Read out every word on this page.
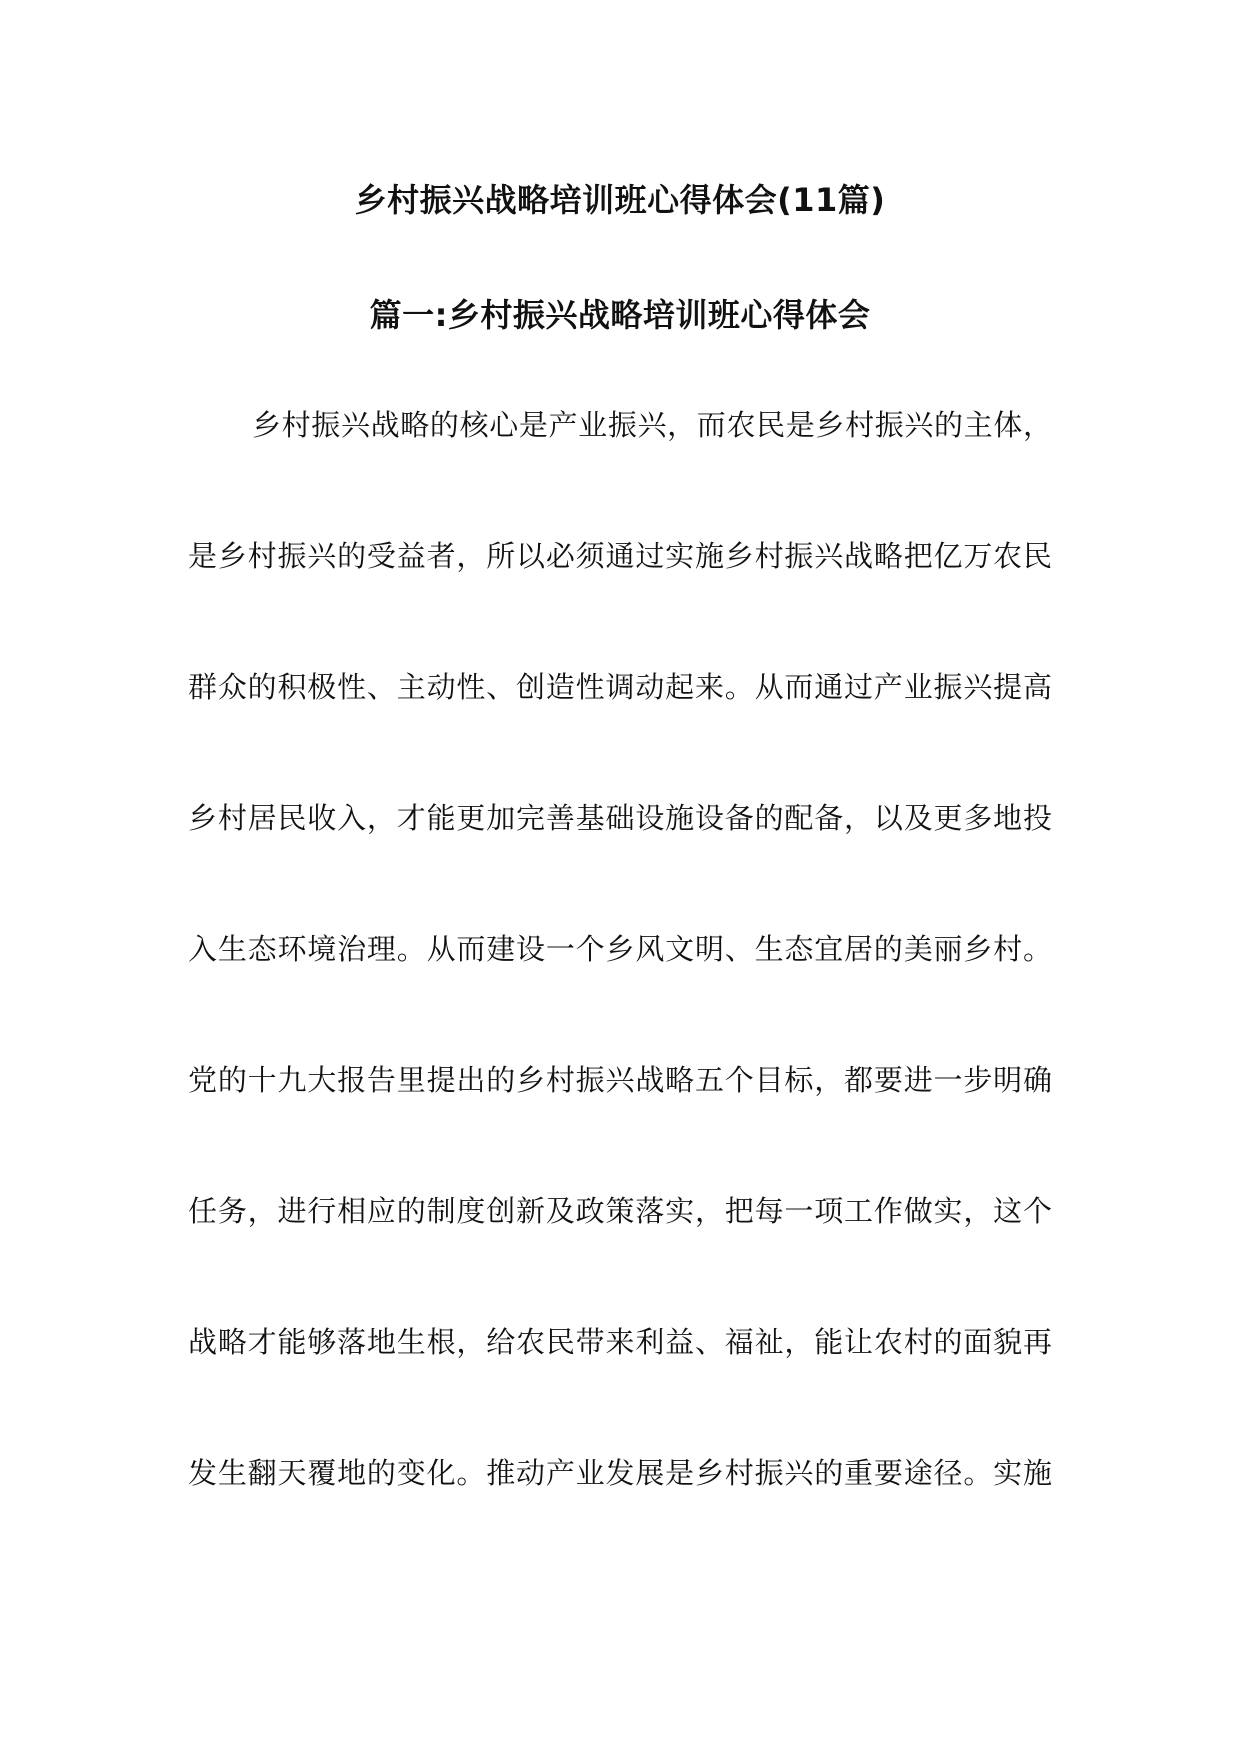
乡村振兴战略培训班心得体会(11篇)
篇一:乡村振兴战略培训班心得体会
乡村振兴战略的核心是产业振兴，而农民是乡村振兴的主体，
是乡村振兴的受益者，所以必须通过实施乡村振兴战略把亿万农民
群众的积极性、主动性、创造性调动起来。从而通过产业振兴提高
乡村居民收入，才能更加完善基础设施设备的配备，以及更多地投
入生态环境治理。从而建设一个乡风文明、生态宜居的美丽乡村。
党的十九大报告里提出的乡村振兴战略五个目标，都要进一步明确
任务，进行相应的制度创新及政策落实，把每一项工作做实，这个
战略才能够落地生根，给农民带来利益、福祉，能让农村的面貌再
发生翻天覆地的变化。推动产业发展是乡村振兴的重要途径。实施
